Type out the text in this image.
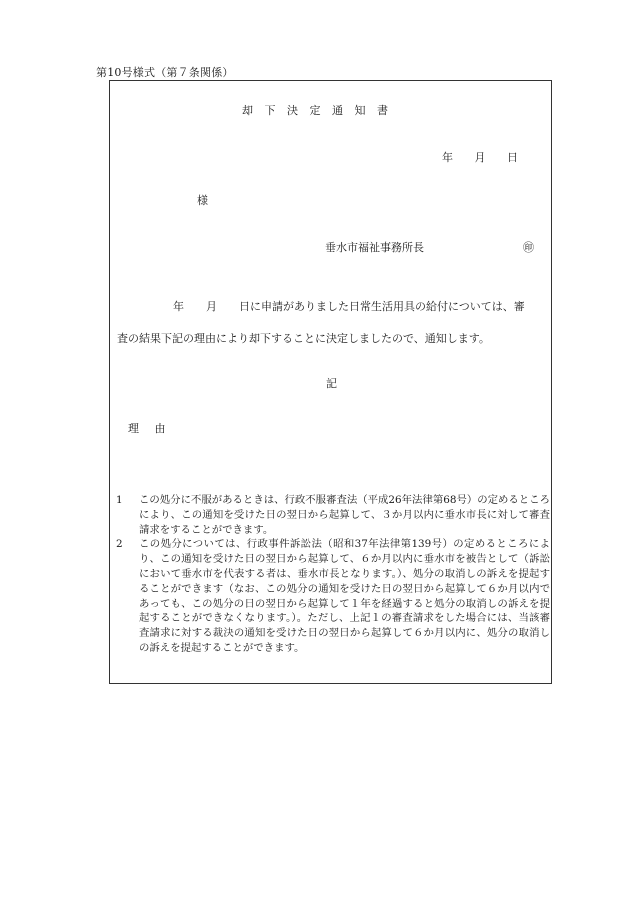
第10号様式（第７条関係）
却 下 決 定 通 知 書
年 月 日
様
垂水市福祉事務所長	㊞
年　　月　　日に申請がありました日常生活用具の給付については、審
査の結果下記の理由により却下することに決定しましたので、通知します。
記
理 由
1	この処分に不服があるときは、行政不服審査法（平成26年法律第68号）の定めるところにより、この通知を受けた日の翌日から起算して、３か月以内に垂水市長に対して審査請求をすることができます。
2	この処分については、行政事件訴訟法（昭和37年法律第139号）の定めるところにより、この通知を受けた日の翌日から起算して、６か月以内に垂水市を被告として（訴訟において垂水市を代表する者は、垂水市長となります。）、処分の取消しの訴えを提起することができます（なお、この処分の通知を受けた日の翌日から起算して６か月以内であっても、この処分の日の翌日から起算して１年を経過すると処分の取消しの訴えを提起することができなくなります。）。ただし、上記１の審査請求をした場合には、当該審査請求に対する裁決の通知を受けた日の翌日から起算して６か月以内に、処分の取消しの訴えを提起することができます。
